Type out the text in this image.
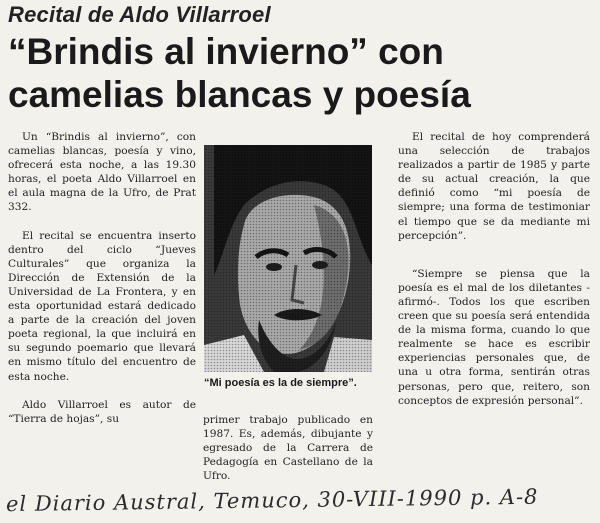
Recital de Aldo Villarroel
“Brindis al invierno” con camelias blancas y poesía

Un “Brindis al invierno”, con camelias blancas, poesía y vino, ofrecerá esta noche, a las 19.30 horas, el poeta Aldo Villarroel en el aula magna de la Ufro, de Prat 332.

El recital se encuentra inserto dentro del ciclo “Jueves Culturales” que organiza la Dirección de Extensión de la Universidad de La Frontera, y en esta oportunidad estará dedicado a parte de la creación del joven poeta regional, la que incluirá en su segundo poemario que llevará en mismo título del encuentro de esta noche.

Aldo Villarroel es autor de “Tierra de hojas”, su

“Mi poesía es la de siempre”.

primer trabajo publicado en 1987. Es, además, dibujante y egresado de la Carrera de Pedagogía en Castellano de la Ufro.

El recital de hoy comprenderá una selección de trabajos realizados a partir de 1985 y parte de su actual creación, la que definió como “mi poesía de siempre; una forma de testimoniar el tiempo que se da mediante mi percepción”.

“Siempre se piensa que la poesía es el mal de los diletantes -afirmó-. Todos los que escriben creen que su poesía será entendida de la misma forma, cuando lo que realmente se hace es escribir experiencias personales que, de una u otra forma, sentirán otras personas, pero que, reitero, son conceptos de expresión personal”.

el Diario Austral, Temuco, 30-VIII-1990 p. A-8
